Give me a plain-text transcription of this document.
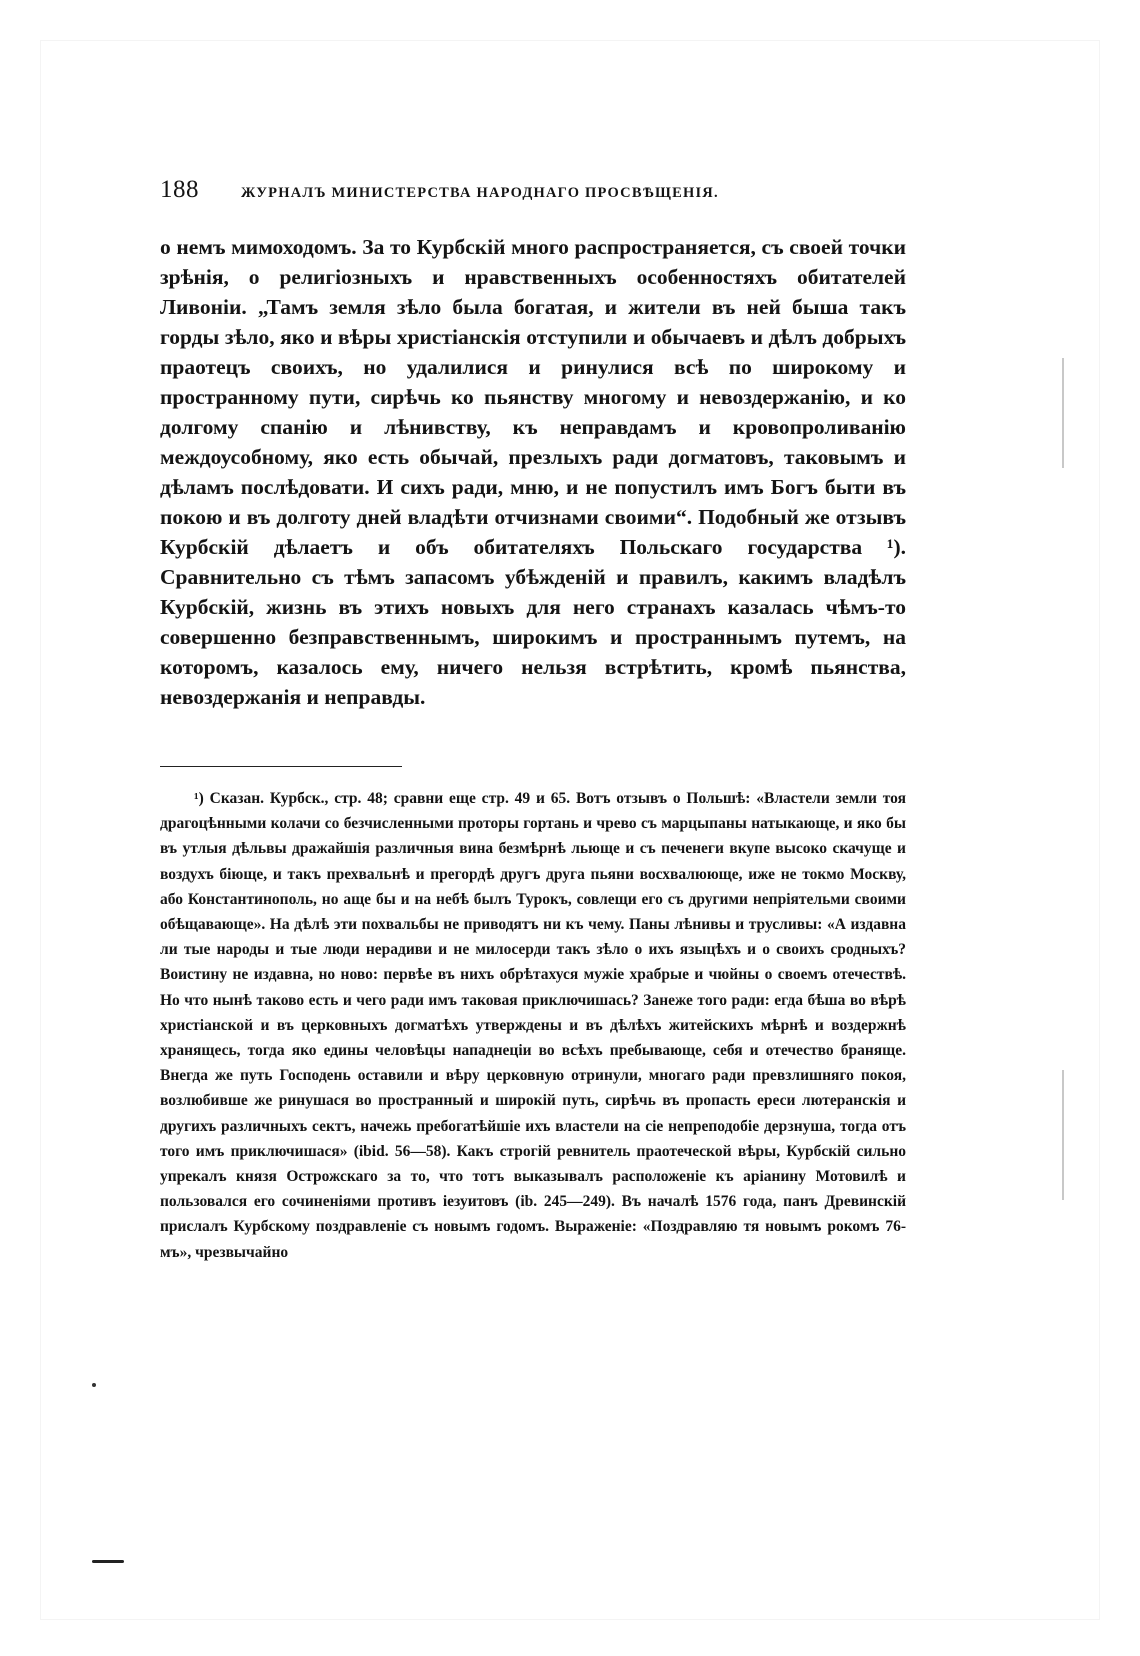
188	ЖУРНАЛЪ МИНИСТЕРСТВА НАРОДНАГО ПРОСВѢЩЕНІЯ.

о немъ мимоходомъ. За то Курбскій много распространяется, съ своей точки зрѣнія, о религіозныхъ и нравственныхъ особенностяхъ обитателей Ливоніи. „Тамъ земля зѣло была богатая, и жители въ ней быша такъ горды зѣло, яко и вѣры христіанскія отступили и обычаевъ и дѣлъ добрыхъ праотецъ своихъ, но удалилися и ринулися всѣ по широкому и пространному пути, сирѣчь ко пьянству многому и невоздержанію, и ко долгому спанію и лѣнивству, къ неправдамъ и кровопроливанію междоусобному, яко есть обычай, презлыхъ ради догматовъ, таковымъ и дѣламъ послѣдовати. И сихъ ради, мню, и не попустилъ имъ Богъ быти въ покою и въ долготу дней владѣти отчизнами своими“. Подобный же отзывъ Курбскій дѣлаетъ и объ обитателяхъ Польскаго государства ¹). Сравнительно съ тѣмъ запасомъ убѣжденій и правилъ, какимъ владѣлъ Курбскій, жизнь въ этихъ новыхъ для него странахъ казалась чѣмъ-то совершенно безправственнымъ, широкимъ и пространнымъ путемъ, на которомъ, казалось ему, ничего нельзя встрѣтить, кромѣ пьянства, невоздержанія и неправды.

¹) Сказан. Курбск., стр. 48; сравни еще стр. 49 и 65. Вотъ отзывъ о Польшѣ: «Властели земли тоя драгоцѣнными колачи со безчисленными проторы гортань и чрево съ марцыпаны натыкающе, и яко бы въ утлыя дѣльвы дражайшія различныя вина безмѣрнѣ льюще и съ печенеги вкупе высоко скачуще и воздухъ біюще, и такъ прехвальнѣ и прегордѣ другъ друга пьяни восхвалююще, иже не токмо Москву, або Константинополь, но аще бы и на небѣ былъ Турокъ, совлещи его съ другими непріятельми своими обѣщавающе». На дѣлѣ эти похвальбы не приводятъ ни къ чему. Паны лѣнивы и трусливы: «А издавна ли тые народы и тые люди нерадиви и не милосерди такъ зѣло о ихъ языцѣхъ и о своихъ сродныхъ? Воистину не издавна, но ново: первѣе въ нихъ обрѣтахуся мужіе храбрые и чюйны о своемъ отечествѣ. Но что нынѣ таково есть и чего ради имъ таковая приключишась? Занеже того ради: егда бѣша во вѣрѣ христіанской и въ церковныхъ догматѣхъ утверждены и въ дѣлѣхъ житейскихъ мѣрнѣ и воздержнѣ хранящесь, тогда яко едины человѣцы нападнеціи во всѣхъ пребывающе, себя и отечество бранящe. Внегда же путь Господень оставили и вѣру церковную отринули, многаго ради превзлишняго покоя, возлюбивше же ринушася во пространный и широкій путь, сирѣчь въ пропасть ереси лютеранскія и другихъ различныхъ сектъ, начежь пребогатѣйшіе ихъ властели на сіе непреподобіе дерзнуша, тогда отъ того имъ приключишася» (ibid. 56—58). Какъ строгій ревнитель праотеческой вѣры, Курбскій сильно упрекалъ князя Острожскаго за то, что тотъ выказывалъ расположеніе къ аріанину Мотовилѣ и пользовался его сочиненіями противъ іезуитовъ (ib. 245—249). Въ началѣ 1576 года, панъ Древинскій прислалъ Курбскому поздравленіе съ новымъ годомъ. Выраженіе: «Поздравляю тя новымъ рокомъ 76-мъ», чрезвычайно
